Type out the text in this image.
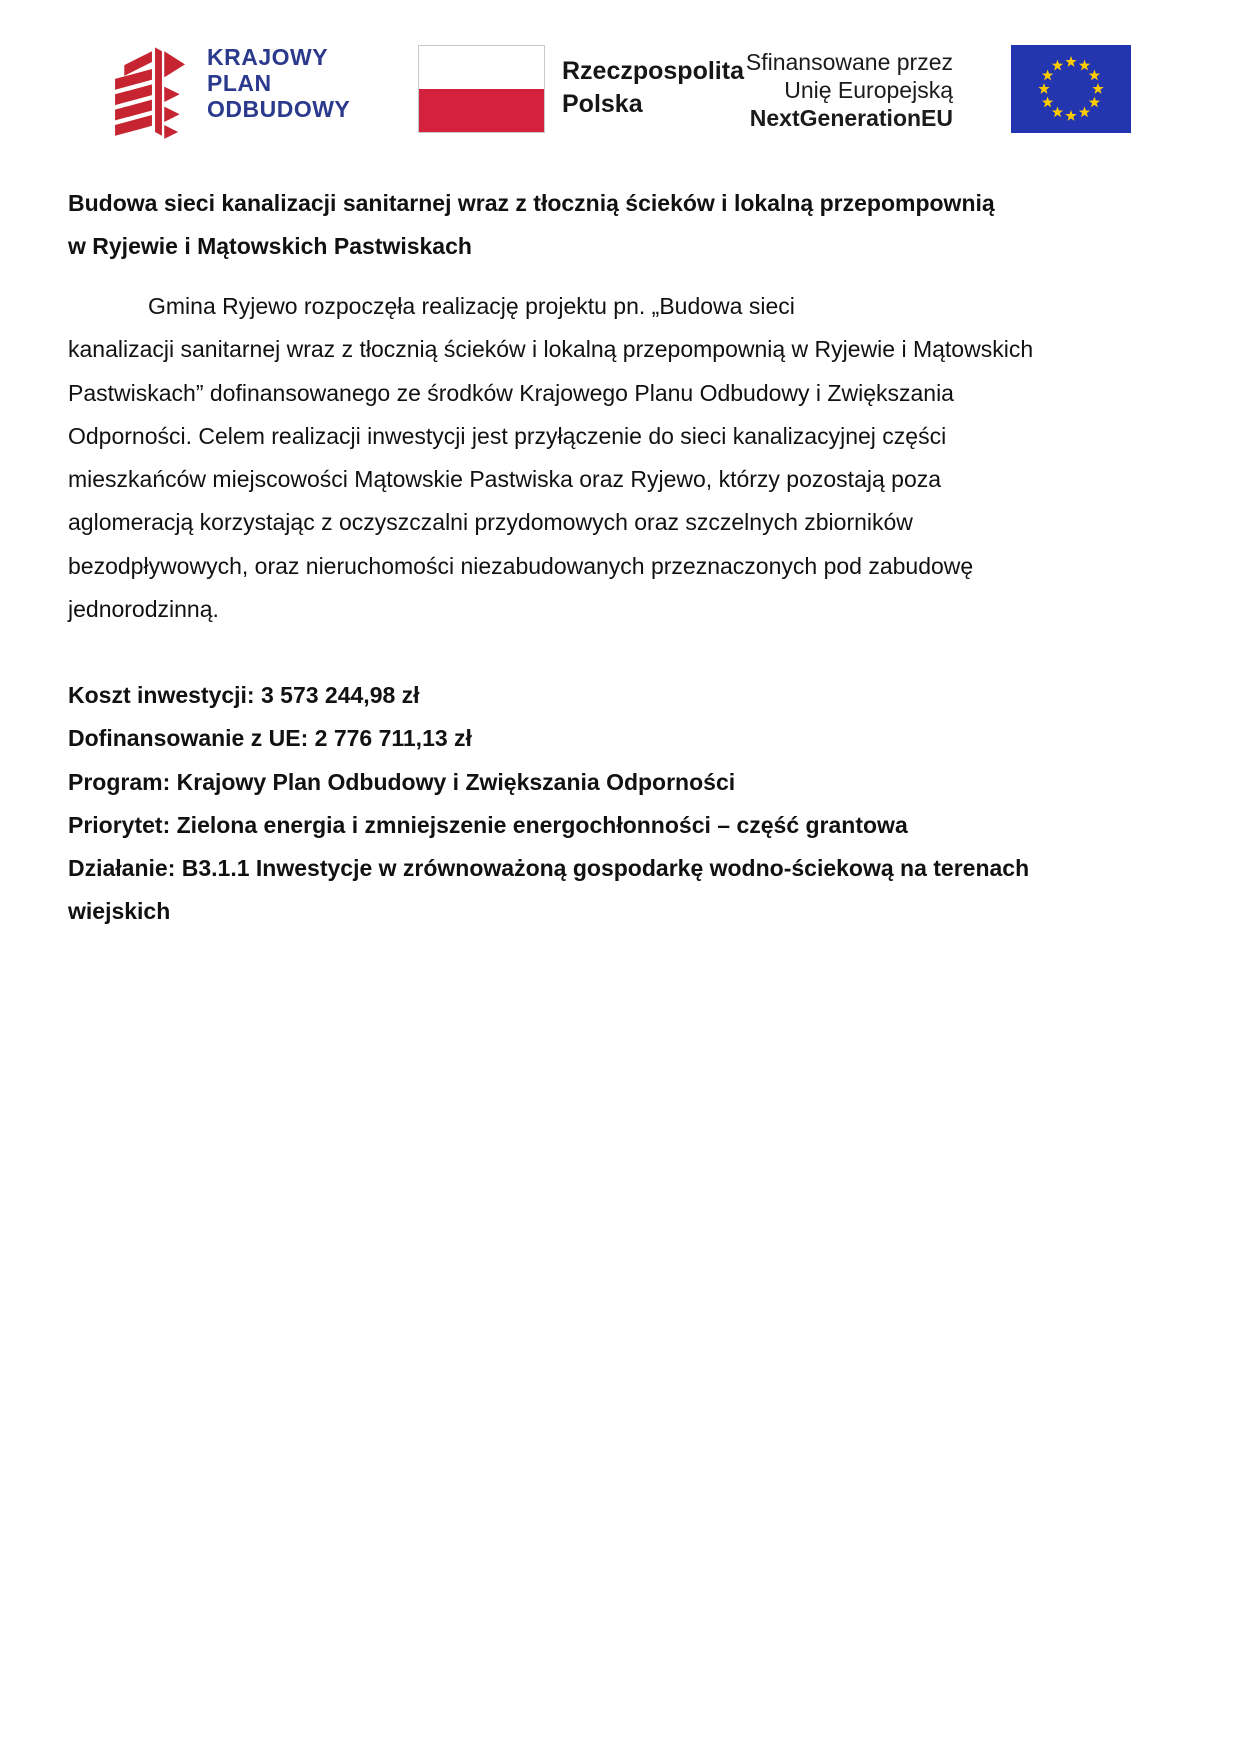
KRAJOWY
PLAN
ODBUDOWY
Rzeczpospolita
Polska
Sfinansowane przez
Unię Europejską
NextGenerationEU
Budowa sieci kanalizacji sanitarnej wraz z tłocznią ścieków i lokalną przepompownią
w Ryjewie i Mątowskich Pastwiskach
Gmina Ryjewo rozpoczęła realizację projektu pn. „Budowa sieci
kanalizacji sanitarnej wraz z tłocznią ścieków i lokalną przepompownią w Ryjewie i Mątowskich
Pastwiskach” dofinansowanego ze środków Krajowego Planu Odbudowy i Zwiększania
Odporności. Celem realizacji inwestycji jest przyłączenie do sieci kanalizacyjnej części
mieszkańców miejscowości Mątowskie Pastwiska oraz Ryjewo, którzy pozostają poza
aglomeracją korzystając z oczyszczalni przydomowych oraz szczelnych zbiorników
bezodpływowych, oraz nieruchomości niezabudowanych przeznaczonych pod zabudowę
jednorodzinną.
Koszt inwestycji: 3 573 244,98 zł
Dofinansowanie z UE: 2 776 711,13 zł
Program: Krajowy Plan Odbudowy i Zwiększania Odporności
Priorytet: Zielona energia i zmniejszenie energochłonności – część grantowa
Działanie: B3.1.1 Inwestycje w zrównoważoną gospodarkę wodno-ściekową na terenach
wiejskich
